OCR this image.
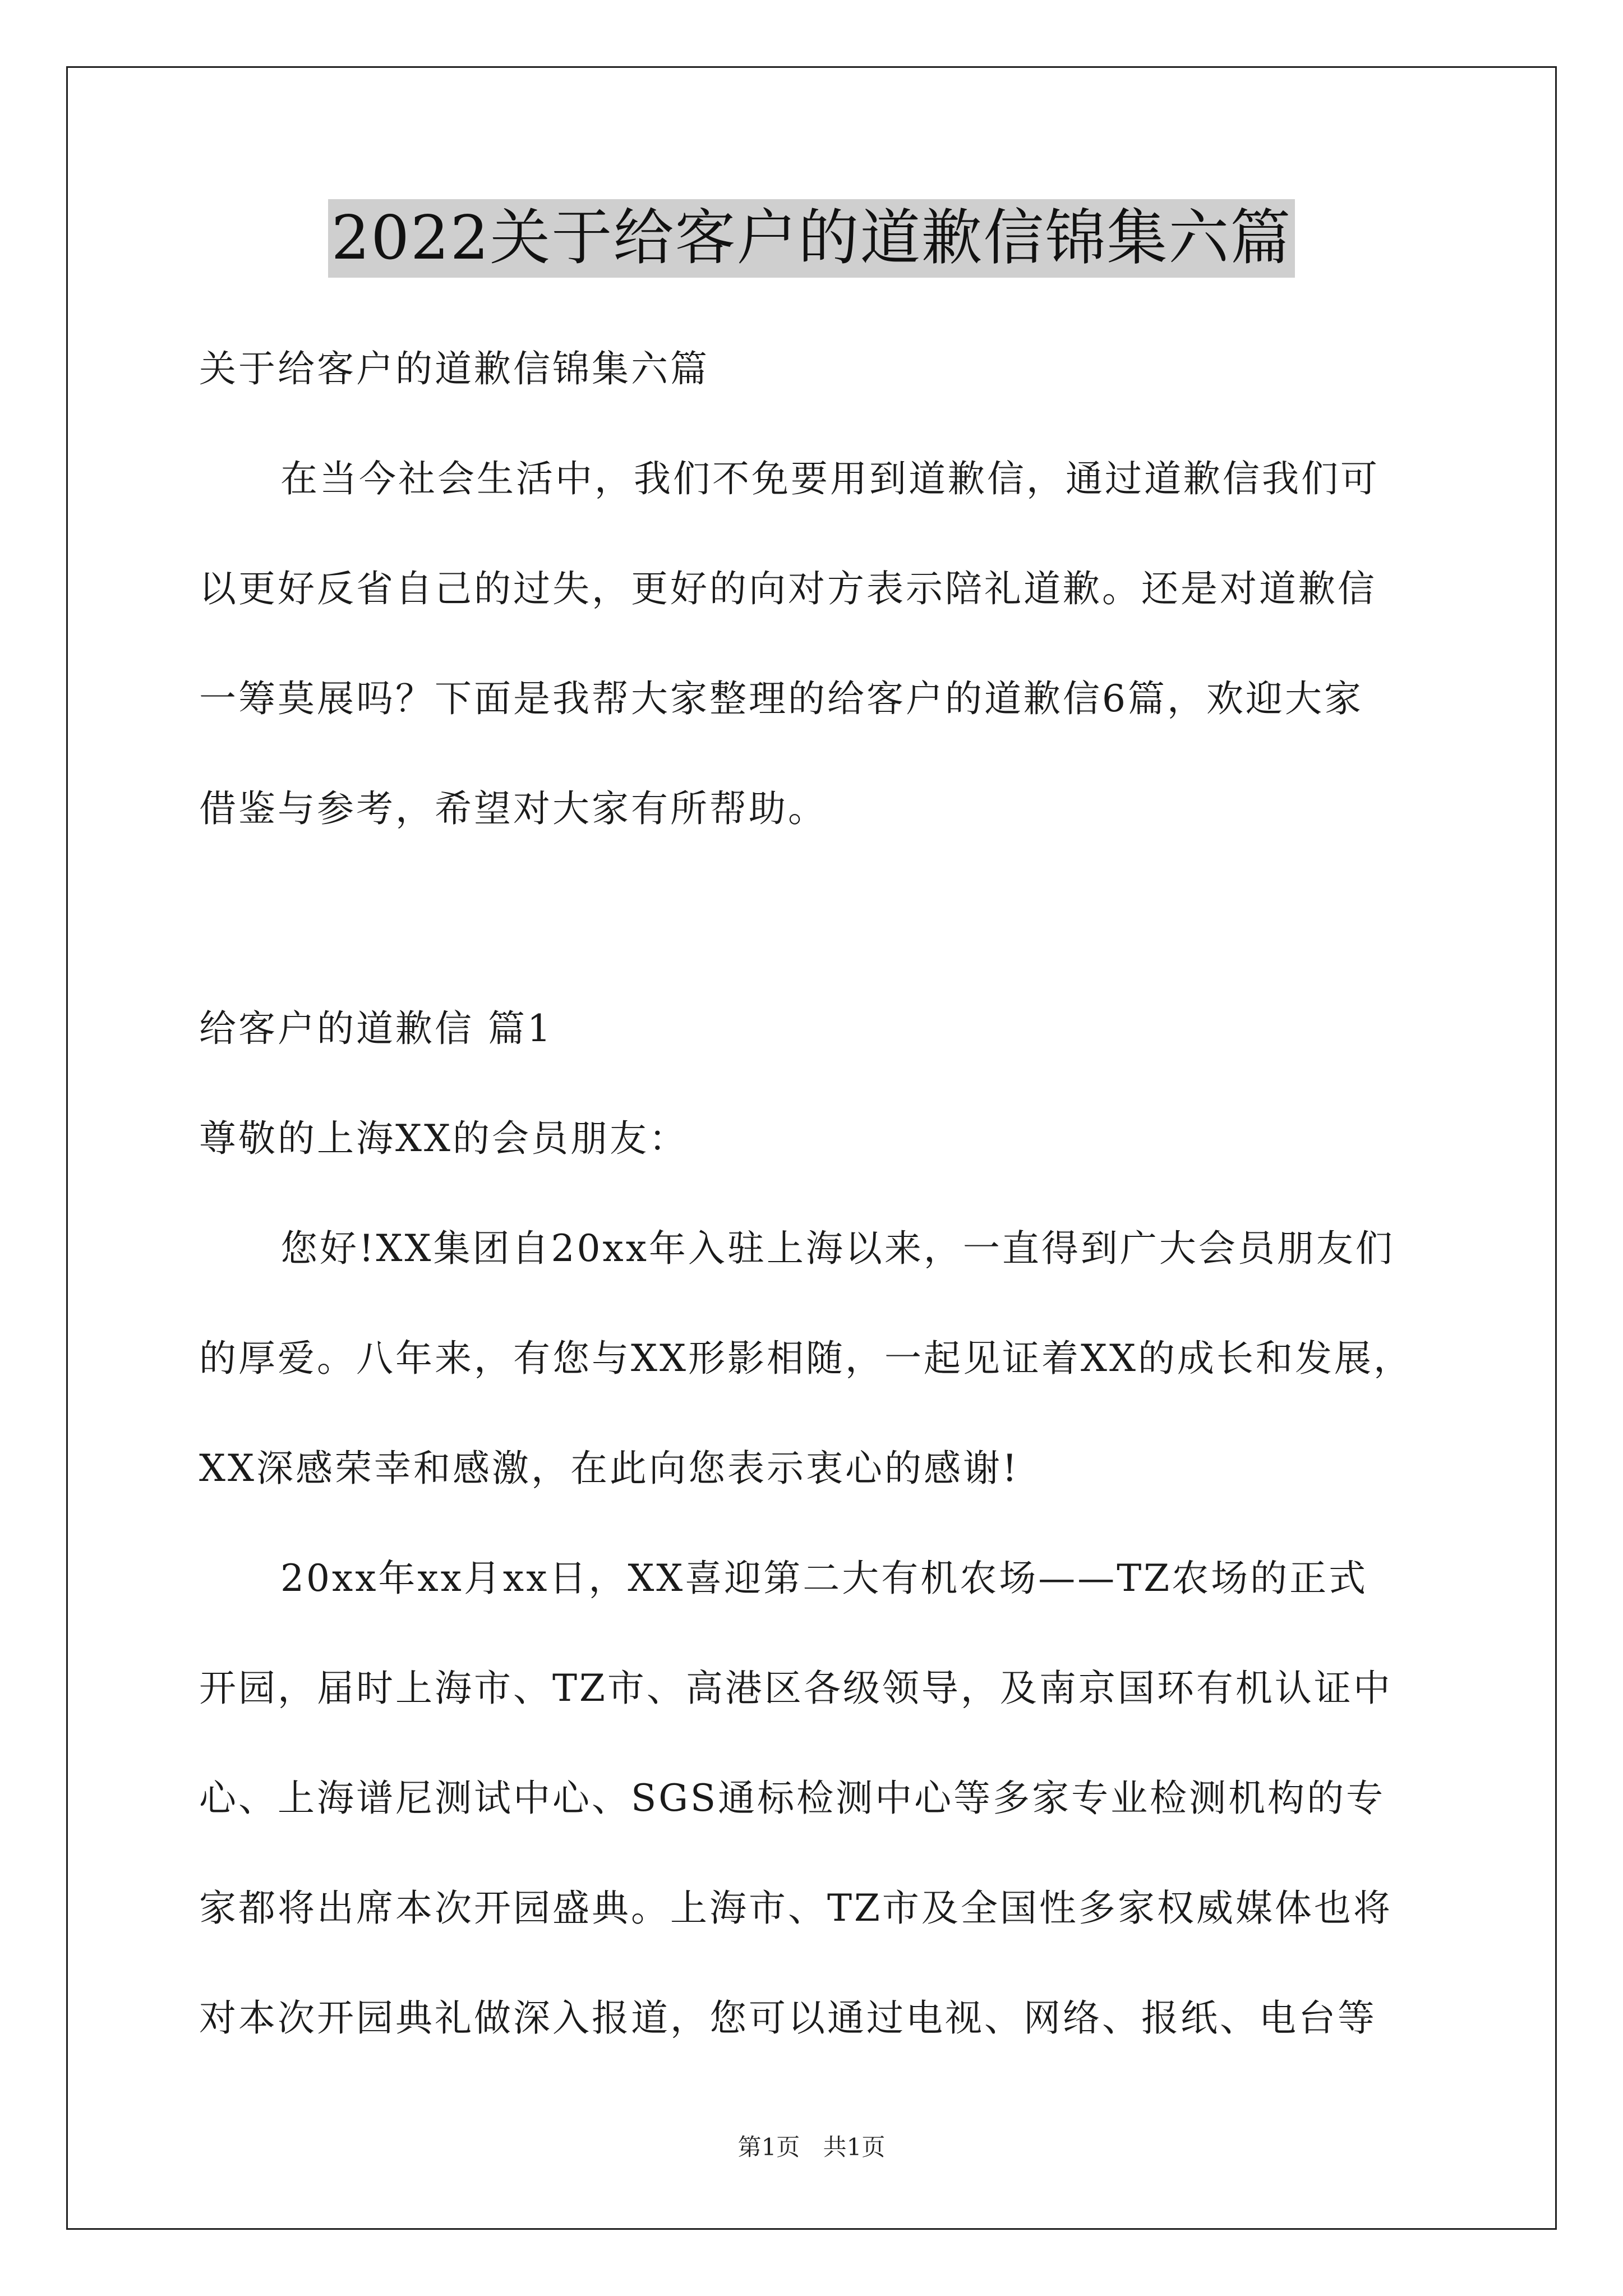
2022关于给客户的道歉信锦集六篇
关于给客户的道歉信锦集六篇
在当今社会生活中，我们不免要用到道歉信，通过道歉信我们可
以更好反省自己的过失，更好的向对方表示陪礼道歉。还是对道歉信
一筹莫展吗？下面是我帮大家整理的给客户的道歉信6篇，欢迎大家
借鉴与参考，希望对大家有所帮助。
给客户的道歉信 篇1
尊敬的上海XX的会员朋友：
您好!XX集团自20xx年入驻上海以来，一直得到广大会员朋友们
的厚爱。八年来，有您与XX形影相随，一起见证着XX的成长和发展，
XX深感荣幸和感激，在此向您表示衷心的感谢!
20xx年xx月xx日，XX喜迎第二大有机农场——TZ农场的正式
开园，届时上海市、TZ市、高港区各级领导，及南京国环有机认证中
心、上海谱尼测试中心、SGS通标检测中心等多家专业检测机构的专
家都将出席本次开园盛典。上海市、TZ市及全国性多家权威媒体也将
对本次开园典礼做深入报道，您可以通过电视、网络、报纸、电台等
第1页 共1页
